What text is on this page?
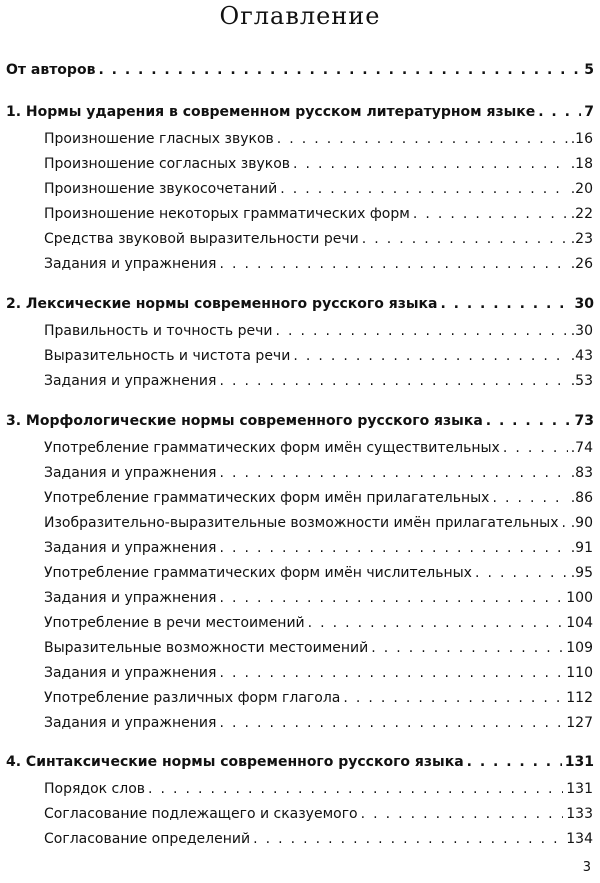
Оглавление
От авторов . . .	5
1. Нормы ударения в современном русском литературном языке . . .	7
Произношение гласных звуков . . .	.16
Произношение согласных звуков . . .	.18
Произношение звукосочетаний . . .	.20
Произношение некоторых грамматических форм . . .	.22
Средства звуковой выразительности речи . . .	.23
Задания и упражнения . . .	.26
2. Лексические нормы современного русского языка . . .	30
Правильность и точность речи . . .	.30
Выразительность и чистота речи . . .	.43
Задания и упражнения . . .	.53
3. Морфологические нормы современного русского языка . . .	73
Употребление грамматических форм имён существительных . . .	.74
Задания и упражнения . . .	.83
Употребление грамматических форм имён прилагательных . . .	.86
Изобразительно-выразительные возможности имён прилагательных . . . .90
Задания и упражнения . . .	.91
Употребление грамматических форм имён числительных . . .	.95
Задания и упражнения . . .	100
Употребление в речи местоимений . . .	104
Выразительные возможности местоимений . . .	109
Задания и упражнения . . .	110
Употребление различных форм глагола . . .	112
Задания и упражнения . . .	127
4. Синтаксические нормы современного русского языка . . .	131
Порядок слов . . .	131
Согласование подлежащего и сказуемого . . .	133
Согласование определений . . .	134
3
